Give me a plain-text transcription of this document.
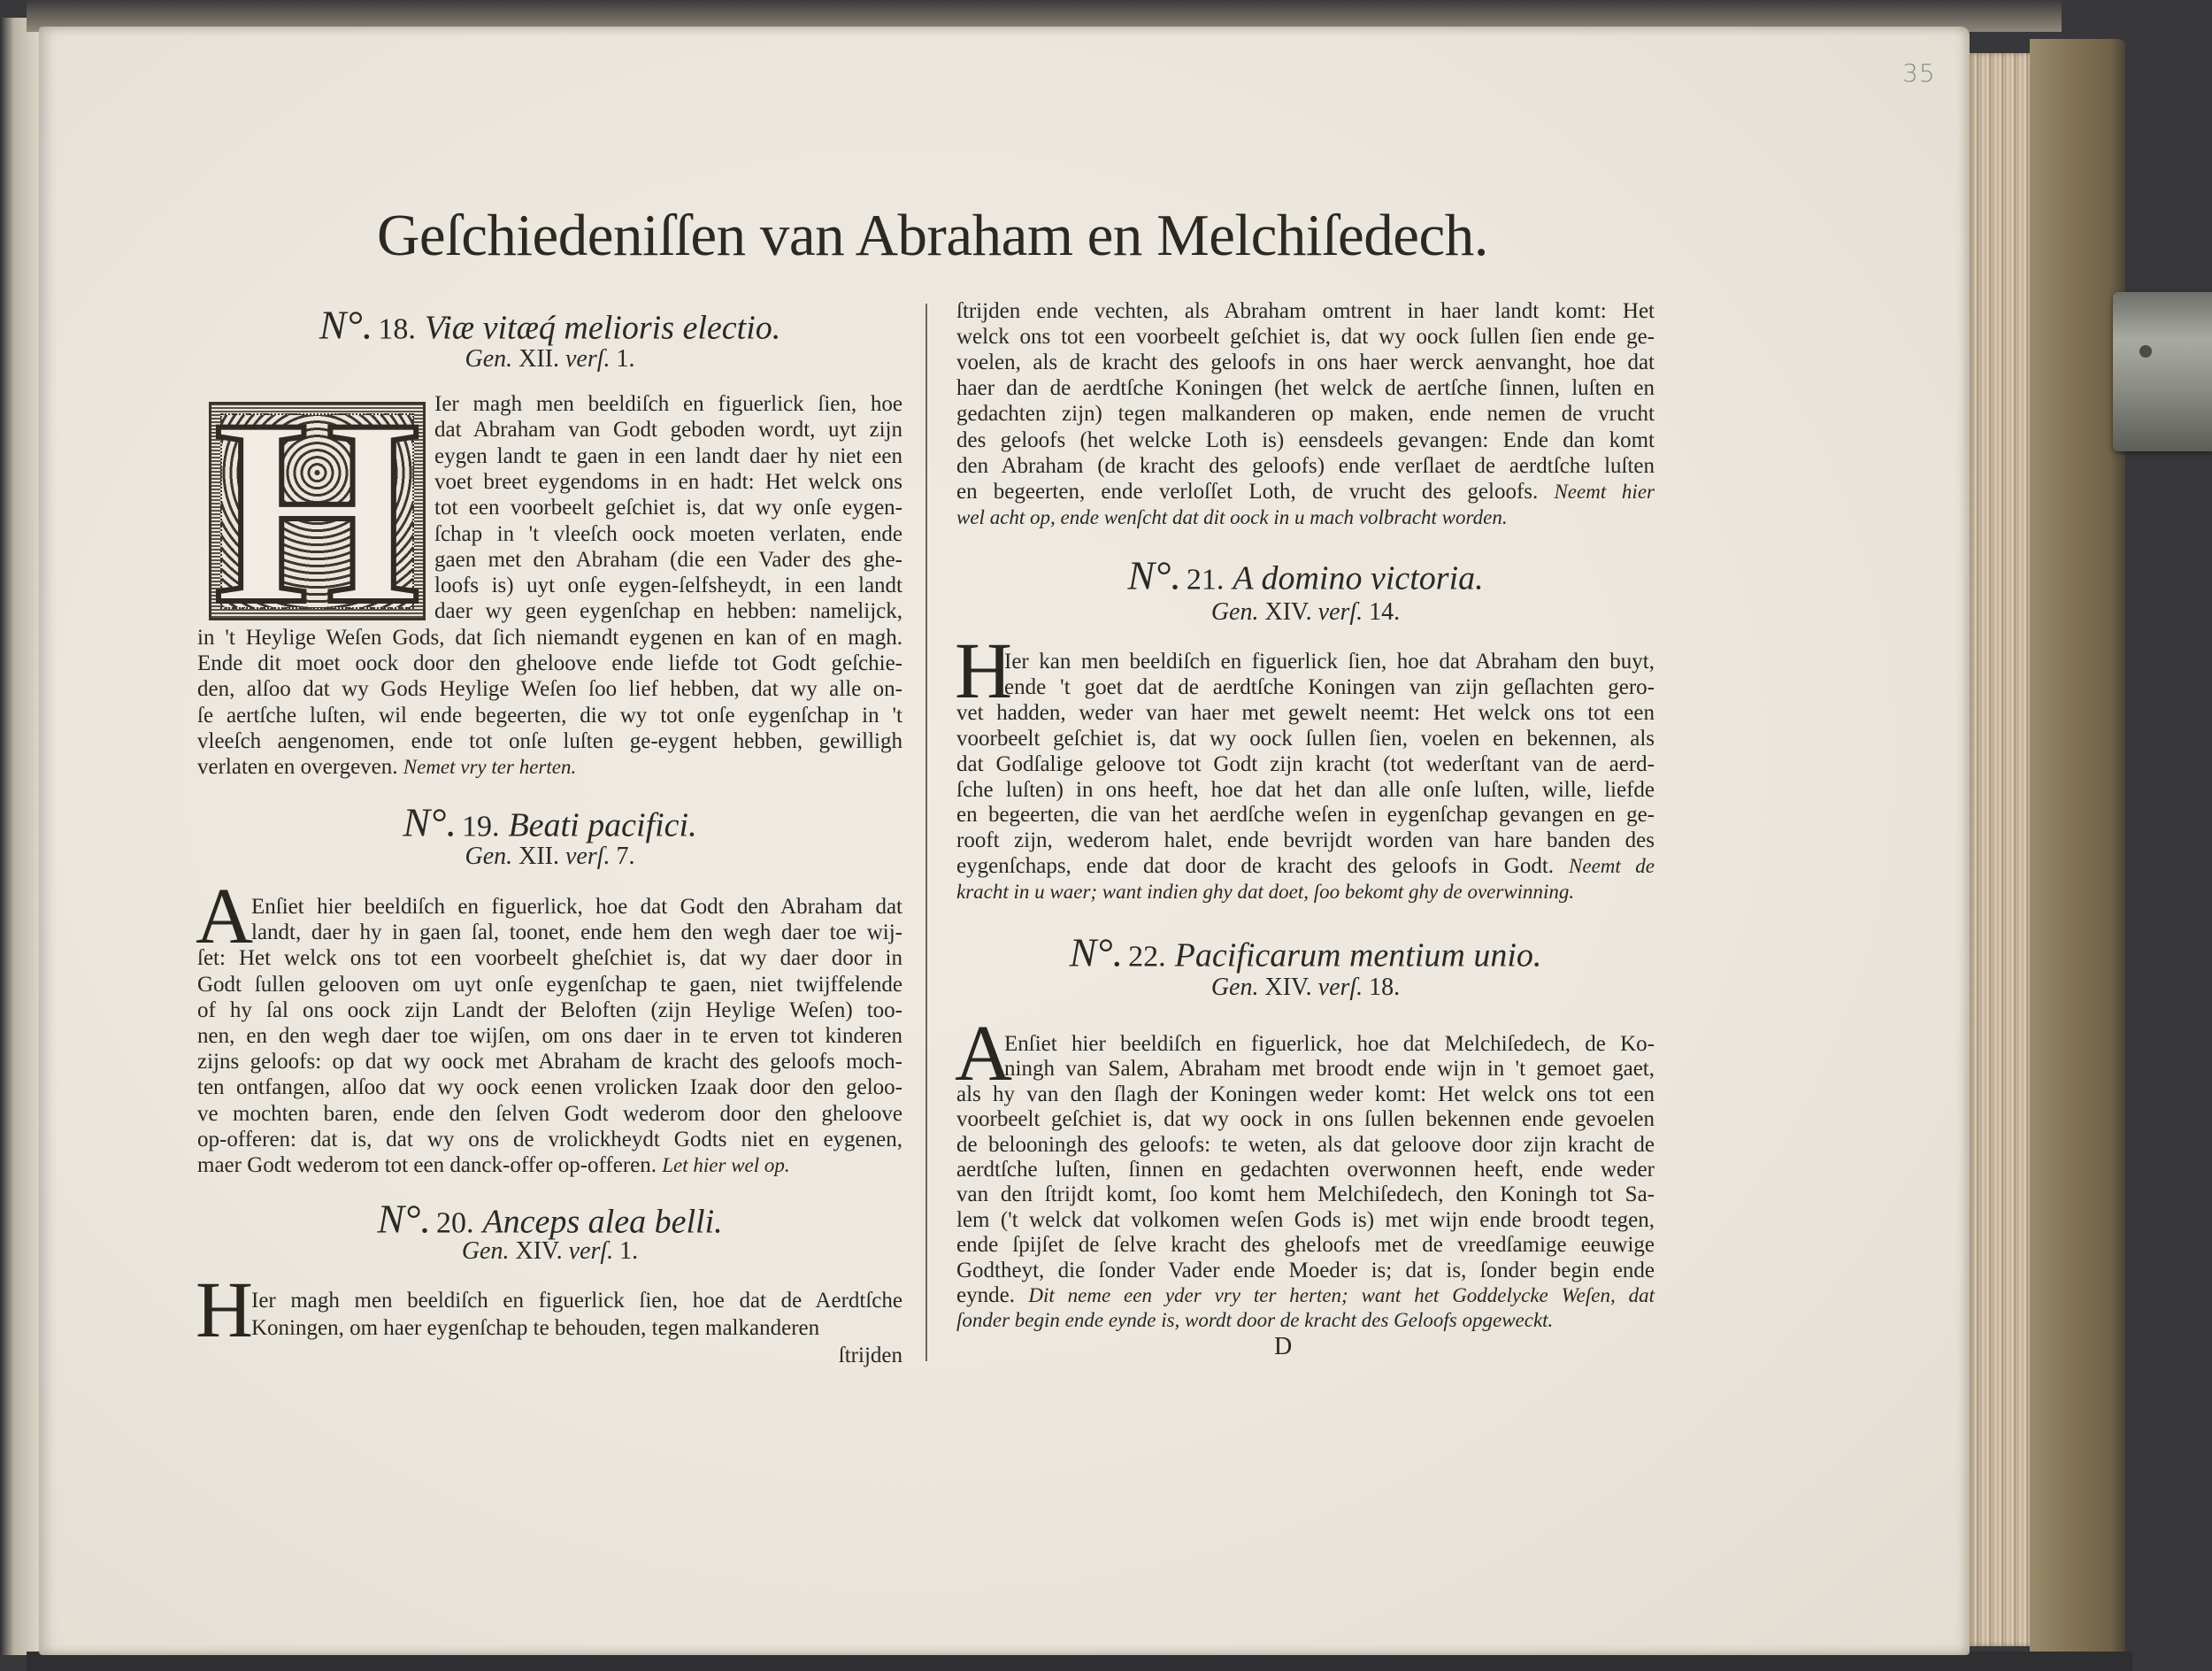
35
Geſchiedeniſſen van Abraham en Melchiſedech.
N°. 18. Viæ vitæq́ melioris electio.
Gen. XII. verſ. 1.
H Ier magh men beeldiſch en figuerlick ſien, hoe
dat Abraham van Godt geboden wordt, uyt zijn
eygen landt te gaen in een landt daer hy niet een
voet breet eygendoms in en hadt: Het welck ons
tot een voorbeelt geſchiet is, dat wy onſe eygen-
ſchap in 't vleeſch oock moeten verlaten, ende
gaen met den Abraham (die een Vader des ghe-
loofs is) uyt onſe eygen-ſelfsheydt, in een landt
daer wy geen eygenſchap en hebben: namelijck,
in 't Heylige Weſen Gods, dat ſich niemandt eygenen en kan of en magh.
Ende dit moet oock door den gheloove ende liefde tot Godt geſchie-
den, alſoo dat wy Gods Heylige Weſen ſoo lief hebben, dat wy alle on-
ſe aertſche luſten, wil ende begeerten, die wy tot onſe eygenſchap in 't
vleeſch aengenomen, ende tot onſe luſten ge-eygent hebben, gewilligh
verlaten en overgeven. Nemet vry ter herten.
N°. 19. Beati pacifici.
Gen. XII. verſ. 7.
A
Enſiet hier beeldiſch en figuerlick, hoe dat Godt den Abraham dat
landt, daer hy in gaen ſal, toonet, ende hem den wegh daer toe wij-
ſet: Het welck ons tot een voorbeelt gheſchiet is, dat wy daer door in
Godt ſullen gelooven om uyt onſe eygenſchap te gaen, niet twijffelende
of hy ſal ons oock zijn Landt der Beloften (zijn Heylige Weſen) too-
nen, en den wegh daer toe wijſen, om ons daer in te erven tot kinderen
zijns geloofs: op dat wy oock met Abraham de kracht des geloofs moch-
ten ontfangen, alſoo dat wy oock eenen vrolicken Izaak door den geloo-
ve mochten baren, ende den ſelven Godt wederom door den gheloove
op-offeren: dat is, dat wy ons de vrolickheydt Godts niet en eygenen,
maer Godt wederom tot een danck-offer op-offeren. Let hier wel op.
N°. 20. Anceps alea belli.
Gen. XIV. verſ. 1.
H
Ier magh men beeldiſch en figuerlick ſien, hoe dat de Aerdtſche
Koningen, om haer eygenſchap te behouden, tegen malkanderen
ſtrijden
ſtrijden ende vechten, als Abraham omtrent in haer landt komt: Het
welck ons tot een voorbeelt geſchiet is, dat wy oock ſullen ſien ende ge-
voelen, als de kracht des geloofs in ons haer werck aenvanght, hoe dat
haer dan de aerdtſche Koningen (het welck de aertſche ſinnen, luſten en
gedachten zijn) tegen malkanderen op maken, ende nemen de vrucht
des geloofs (het welcke Loth is) eensdeels gevangen: Ende dan komt
den Abraham (de kracht des geloofs) ende verſlaet de aerdtſche luſten
en begeerten, ende verloſſet Loth, de vrucht des geloofs. Neemt hier
wel acht op, ende wenſcht dat dit oock in u mach volbracht worden.
N°. 21. A domino victoria.
Gen. XIV. verſ. 14.
H
Ier kan men beeldiſch en figuerlick ſien, hoe dat Abraham den buyt,
ende 't goet dat de aerdtſche Koningen van zijn geſlachten gero-
vet hadden, weder van haer met gewelt neemt: Het welck ons tot een
voorbeelt geſchiet is, dat wy oock ſullen ſien, voelen en bekennen, als
dat Godſalige geloove tot Godt zijn kracht (tot wederſtant van de aerd-
ſche luſten) in ons heeft, hoe dat het dan alle onſe luſten, wille, liefde
en begeerten, die van het aerdſche weſen in eygenſchap gevangen en ge-
rooft zijn, wederom halet, ende bevrijdt worden van hare banden des
eygenſchaps, ende dat door de kracht des geloofs in Godt. Neemt de
kracht in u waer; want indien ghy dat doet, ſoo bekomt ghy de overwinning.
N°. 22. Pacificarum mentium unio.
Gen. XIV. verſ. 18.
A
Enſiet hier beeldiſch en figuerlick, hoe dat Melchiſedech, de Ko-
ningh van Salem, Abraham met broodt ende wijn in 't gemoet gaet,
als hy van den ſlagh der Koningen weder komt: Het welck ons tot een
voorbeelt geſchiet is, dat wy oock in ons ſullen bekennen ende gevoelen
de belooningh des geloofs: te weten, als dat geloove door zijn kracht de
aerdtſche luſten, ſinnen en gedachten overwonnen heeft, ende weder
van den ſtrijdt komt, ſoo komt hem Melchiſedech, den Koningh tot Sa-
lem ('t welck dat volkomen weſen Gods is) met wijn ende broodt tegen,
ende ſpijſet de ſelve kracht des gheloofs met de vreedſamige eeuwige
Godtheyt, die ſonder Vader ende Moeder is; dat is, ſonder begin ende
eynde. Dit neme een yder vry ter herten; want het Goddelycke Weſen, dat
ſonder begin ende eynde is, wordt door de kracht des Geloofs opgeweckt.
D
